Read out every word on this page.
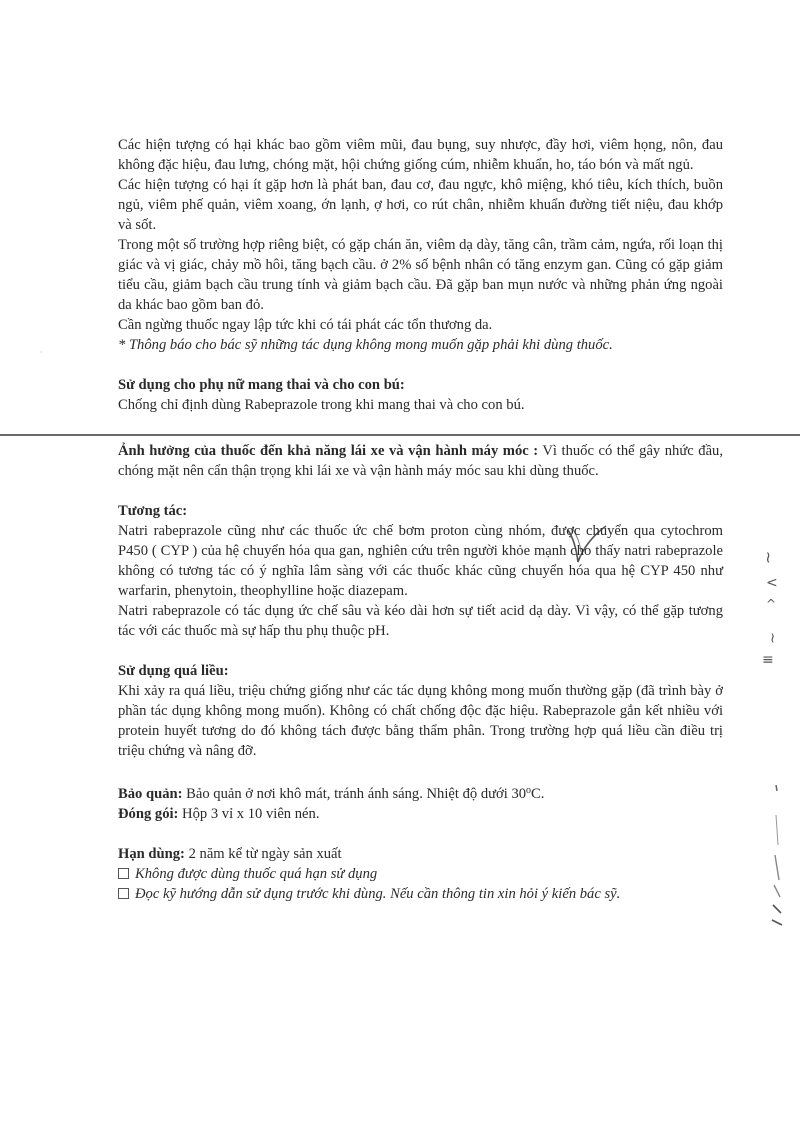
~
<
^
~
≡
·

Các hiện tượng có hại khác bao gồm viêm mũi, đau bụng, suy nhược, đầy hơi, viêm họng, nôn, đau không đặc hiệu, đau lưng, chóng mặt, hội chứng giống cúm, nhiễm khuẩn, ho, táo bón và mất ngủ.

Các hiện tượng có hại ít gặp hơn là phát ban, đau cơ, đau ngực, khô miệng, khó tiêu, kích thích, buồn ngủ, viêm phế quản, viêm xoang, ớn lạnh, ợ hơi, co rút chân, nhiễm khuẩn đường tiết niệu, đau khớp và sốt.

Trong một số trường hợp riêng biệt, có gặp chán ăn, viêm dạ dày, tăng cân, trầm cảm, ngứa, rối loạn thị giác và vị giác, chảy mồ hôi, tăng bạch cầu. ở 2% số bệnh nhân có tăng enzym gan. Cũng có gặp giảm tiểu cầu, giảm bạch cầu trung tính và giảm bạch cầu. Đã gặp ban mụn nước và những phản ứng ngoài da khác bao gồm ban đỏ.

Cần ngừng thuốc ngay lập tức khi có tái phát các tổn thương da.

* Thông báo cho bác sỹ những tác dụng không mong muốn gặp phải khi dùng thuốc.

Sử dụng cho phụ nữ mang thai và cho con bú:

Chống chỉ định dùng Rabeprazole trong khi mang thai và cho con bú.

Ảnh hưởng của thuốc đến khả năng lái xe và vận hành máy móc : Vì thuốc có thể gây nhức đầu, chóng mặt nên cẩn thận trọng khi lái xe và vận hành máy móc sau khi dùng thuốc.

Tương tác:

Natri rabeprazole cũng như các thuốc ức chế bơm proton cùng nhóm, được chuyển qua cytochrom P450 ( CYP ) của hệ chuyển hóa qua gan, nghiên cứu trên người khỏe mạnh cho thấy natri rabeprazole không có tương tác có ý nghĩa lâm sàng với các thuốc khác cũng chuyển hóa qua hệ CYP 450 như warfarin, phenytoin, theophylline hoặc diazepam.

Natri rabeprazole có tác dụng ức chế sâu và kéo dài hơn sự tiết acid dạ dày. Vì vậy, có thể gặp tương tác với các thuốc mà sự hấp thu phụ thuộc pH.

Sử dụng quá liều:

Khi xảy ra quá liều, triệu chứng giống như các tác dụng không mong muốn thường gặp (đã trình bày ở phần tác dụng không mong muốn). Không có chất chống độc đặc hiệu. Rabeprazole gắn kết nhiều với protein huyết tương do đó không tách được bằng thẩm phân. Trong trường hợp quá liều cần điều trị triệu chứng và nâng đỡ.

Bảo quản: Bảo quản ở nơi khô mát, tránh ánh sáng. Nhiệt độ dưới 30$^o$C.

Đóng gói: Hộp 3 vỉ x 10 viên nén.

Hạn dùng: 2 năm kể từ ngày sản xuất

Không được dùng thuốc quá hạn sử dụng

Đọc kỹ hướng dẫn sử dụng trước khi dùng. Nếu cần thông tin xin hỏi ý kiến bác sỹ.
